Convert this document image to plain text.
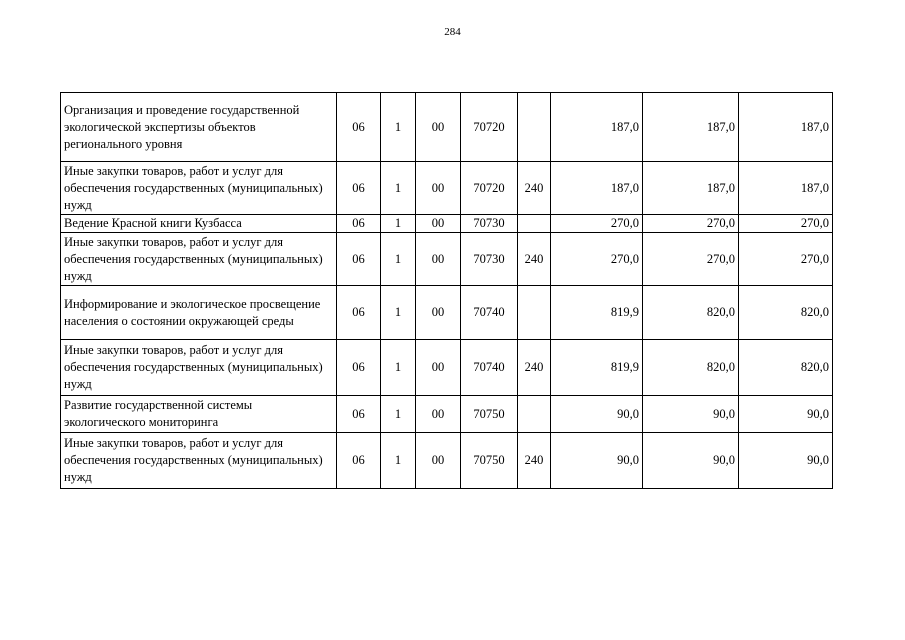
284
Организация и проведение государственной экологической экспертизы объектов регионального уровня	06	1	00	70720		187,0	187,0	187,0
Иные закупки товаров, работ и услуг для обеспечения государственных (муниципальных) нужд	06	1	00	70720	240	187,0	187,0	187,0
Ведение Красной книги Кузбасса	06	1	00	70730		270,0	270,0	270,0
Иные закупки товаров, работ и услуг для обеспечения государственных (муниципальных) нужд	06	1	00	70730	240	270,0	270,0	270,0
Информирование и экологическое просвещение населения о состоянии окружающей среды	06	1	00	70740		819,9	820,0	820,0
Иные закупки товаров, работ и услуг для обеспечения государственных (муниципальных) нужд	06	1	00	70740	240	819,9	820,0	820,0
Развитие государственной системы экологического мониторинга	06	1	00	70750		90,0	90,0	90,0
Иные закупки товаров, работ и услуг для обеспечения государственных (муниципальных) нужд	06	1	00	70750	240	90,0	90,0	90,0
